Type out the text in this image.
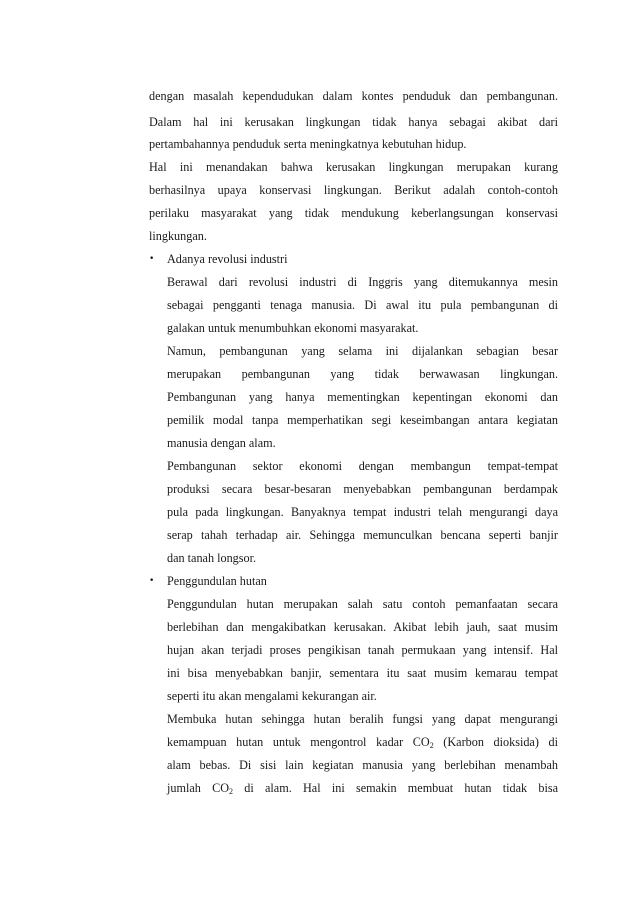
dengan masalah kependudukan dalam kontes penduduk dan pembangunan.
Dalam hal ini kerusakan lingkungan tidak hanya sebagai akibat dari
pertambahannya penduduk serta meningkatnya kebutuhan hidup.
Hal ini menandakan bahwa kerusakan lingkungan merupakan kurang
berhasilnya upaya konservasi lingkungan. Berikut adalah contoh-contoh
perilaku masyarakat yang tidak mendukung keberlangsungan konservasi
lingkungan.
•	Adanya revolusi industri
Berawal dari revolusi industri di Inggris yang ditemukannya mesin
sebagai pengganti tenaga manusia. Di awal itu pula pembangunan di
galakan untuk menumbuhkan ekonomi masyarakat.
Namun, pembangunan yang selama ini dijalankan sebagian besar
merupakan pembangunan yang tidak berwawasan lingkungan.
Pembangunan yang hanya mementingkan kepentingan ekonomi dan
pemilik modal tanpa memperhatikan segi keseimbangan antara kegiatan
manusia dengan alam.
Pembangunan sektor ekonomi dengan membangun tempat-tempat
produksi secara besar-besaran menyebabkan pembangunan berdampak
pula pada lingkungan. Banyaknya tempat industri telah mengurangi daya
serap tahah terhadap air. Sehingga memunculkan bencana seperti banjir
dan tanah longsor.
•	Penggundulan hutan
Penggundulan hutan merupakan salah satu contoh pemanfaatan secara
berlebihan dan mengakibatkan kerusakan. Akibat lebih jauh, saat musim
hujan akan terjadi proses pengikisan tanah permukaan yang intensif. Hal
ini bisa menyebabkan banjir, sementara itu saat musim kemarau tempat
seperti itu akan mengalami kekurangan air.
Membuka hutan sehingga hutan beralih fungsi yang dapat mengurangi
kemampuan hutan untuk mengontrol kadar $CO_2$ (Karbon dioksida) di
alam bebas. Di sisi lain kegiatan manusia yang berlebihan menambah
jumlah $CO_2$ di alam. Hal ini semakin membuat hutan tidak bisa
